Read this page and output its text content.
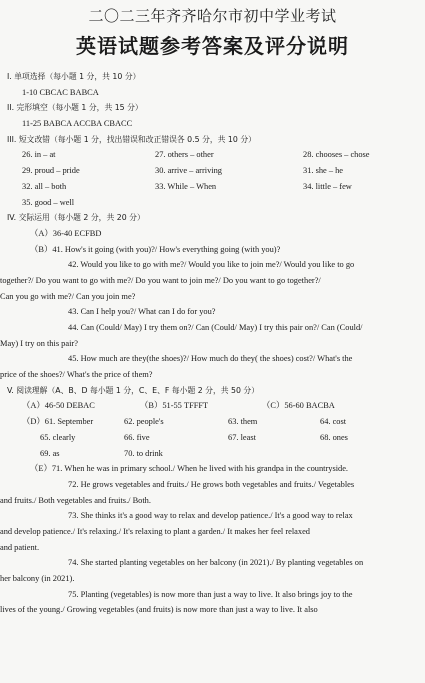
二〇二三年齐齐哈尔市初中学业考试
英语试题参考答案及评分说明
I. 单项选择（每小题 1 分，共 10 分）
1-10 CBCAC BABCA
II. 完形填空（每小题 1 分，共 15 分）
11-25 BABCA ACCBA CBACC
III. 短文改错（每小题 1 分，找出错误和改正错误各 0.5 分，共 10 分）
26. in – at	27. others – other	28. chooses – chose
29. proud – pride	30. arrive – arriving	31. she – he
32. all – both	33. While – When	34. little – few
35. good – well
IV. 交际运用（每小题 2 分，共 20 分）
（A）36-40 ECFBD
（B）41. How's it going (with you)?/ How's everything going (with you)?
42. Would you like to go with me?/ Would you like to join me?/ Would you like to go
together?/ Do you want to go with me?/ Do you want to join me?/ Do you want to go together?/
Can you go with me?/ Can you join me?
43. Can I help you?/ What can I do for you?
44. Can (Could/ May) I try them on?/ Can (Could/ May) I try this pair on?/ Can (Could/
May) I try on this pair?
45. How much are they(the shoes)?/ How much do they( the shoes) cost?/ What's the
price of the shoes?/ What's the price of them?
V. 阅读理解（A、B、D 每小题 1 分，C、E、F 每小题 2 分，共 50 分）
（A）46-50 DEBAC	（B）51-55 TFFFT	（C）56-60 BACBA
（D）61. September	62. people's	63. them	64. cost
65. clearly	66. five	67. least	68. ones
69. as	70. to drink
（E）71. When he was in primary school./ When he lived with his grandpa in the countryside.
72. He grows vegetables and fruits./ He grows both vegetables and fruits./ Vegetables
and fruits./ Both vegetables and fruits./ Both.
73. She thinks it's a good way to relax and develop patience./ It's a good way to relax
and develop patience./ It's relaxing./ It's relaxing to plant a garden./ It makes her feel relaxed
and patient.
74. She started planting vegetables on her balcony (in 2021)./ By planting vegetables on
her balcony (in 2021).
75. Planting (vegetables) is now more than just a way to live. It also brings joy to the
lives of the young./ Growing vegetables (and fruits) is now more than just a way to live. It also
